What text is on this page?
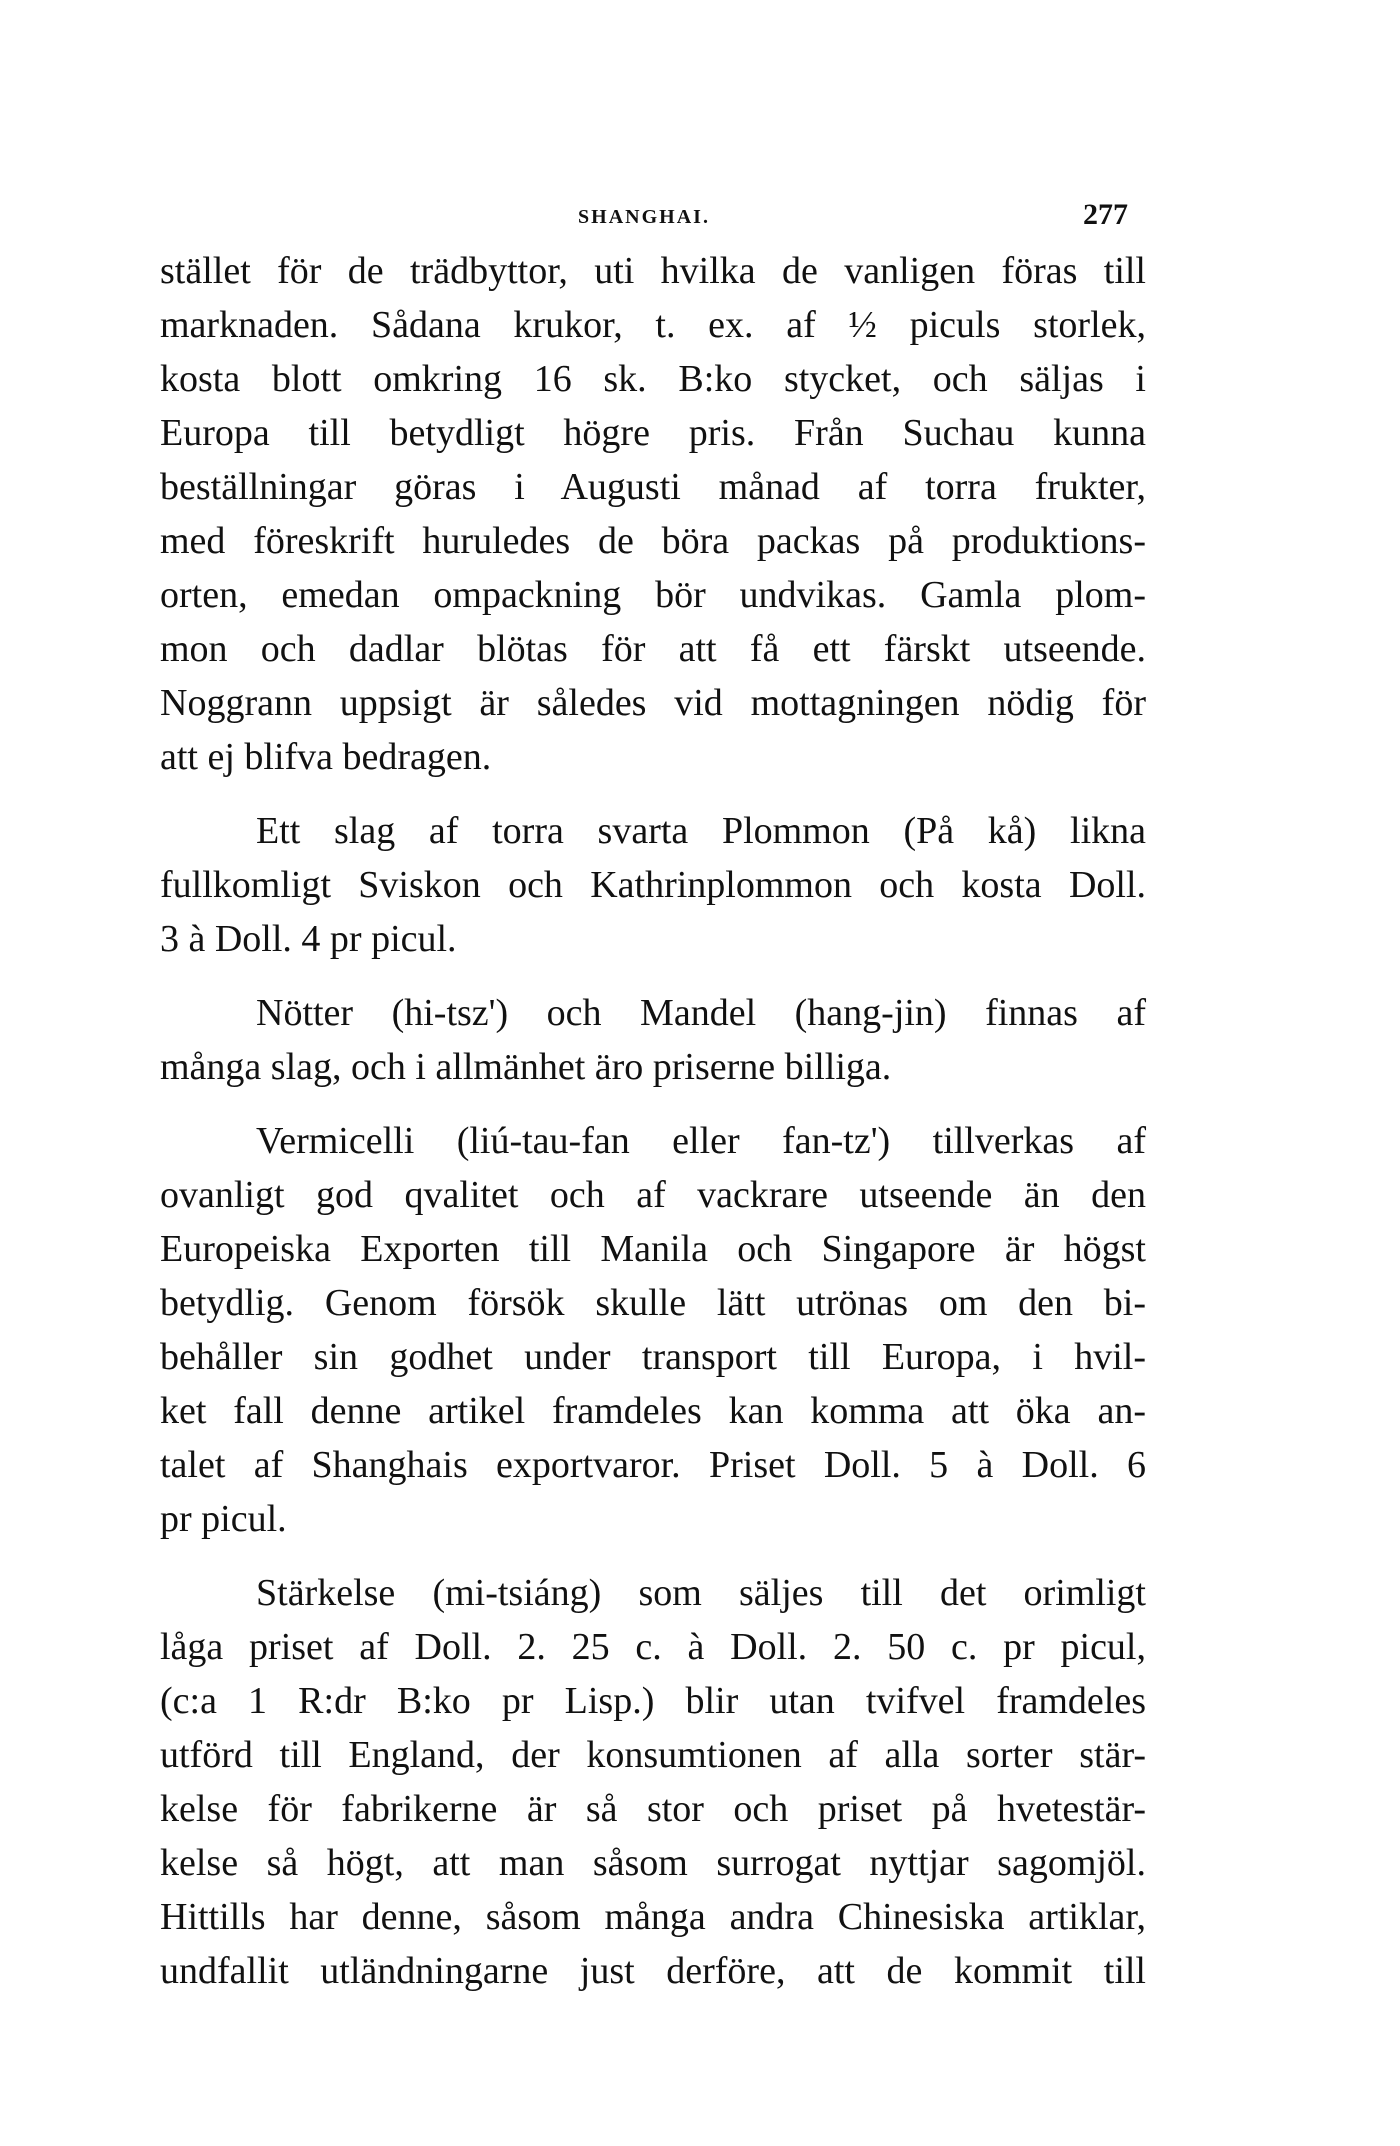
SHANGHAI.	277
stället för de trädbyttor, uti hvilka de vanligen föras till
marknaden. Sådana krukor, t. ex. af ½ piculs storlek,
kosta blott omkring 16 sk. B:ko stycket, och säljas i
Europa till betydligt högre pris. Från Suchau kunna
beställningar göras i Augusti månad af torra frukter,
med föreskrift huruledes de böra packas på produktions-
orten, emedan ompackning bör undvikas. Gamla plom-
mon och dadlar blötas för att få ett färskt utseende.
Noggrann uppsigt är således vid mottagningen nödig för
att ej blifva bedragen.
Ett slag af torra svarta Plommon (På kå) likna
fullkomligt Sviskon och Kathrinplommon och kosta Doll.
3 à Doll. 4 pr picul.
Nötter (hi-tsz') och Mandel (hang-jin) finnas af
många slag, och i allmänhet äro priserne billiga.
Vermicelli (liú-tau-fan eller fan-tz') tillverkas af
ovanligt god qvalitet och af vackrare utseende än den
Europeiska Exporten till Manila och Singapore är högst
betydlig. Genom försök skulle lätt utrönas om den bi-
behåller sin godhet under transport till Europa, i hvil-
ket fall denne artikel framdeles kan komma att öka an-
talet af Shanghais exportvaror. Priset Doll. 5 à Doll. 6
pr picul.
Stärkelse (mi-tsiáng) som säljes till det orimligt
låga priset af Doll. 2. 25 c. à Doll. 2. 50 c. pr picul,
(c:a 1 R:dr B:ko pr Lisp.) blir utan tvifvel framdeles
utförd till England, der konsumtionen af alla sorter stär-
kelse för fabrikerne är så stor och priset på hvetestär-
kelse så högt, att man såsom surrogat nyttjar sagomjöl.
Hittills har denne, såsom många andra Chinesiska artiklar,
undfallit utländningarne just derföre, att de kommit till
